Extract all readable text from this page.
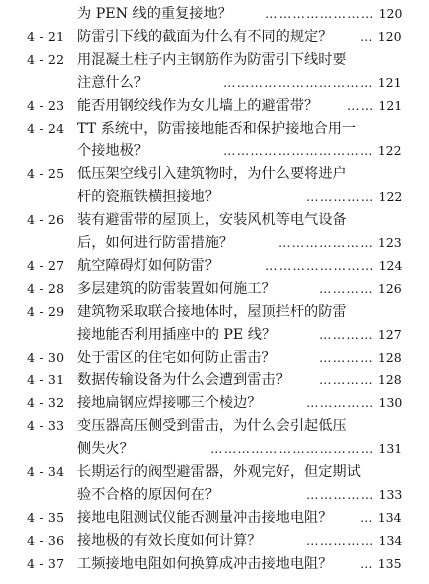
为 PEN 线的重复接地？	…………………… 120
4 - 21 防雷引下线的截面为什么有不同的规定？ … 120
4 - 22 用混凝土柱子内主钢筋作为防雷引下线时要
注意什么？	…………………………… 121
4 - 23 能否用钢绞线作为女儿墙上的避雷带？ …… 121
4 - 24 TT 系统中，防雷接地能否和保护接地合用一
个接地极？	…………………………… 122
4 - 25 低压架空线引入建筑物时，为什么要将进户
杆的瓷瓶铁横担接地？	…………… 122
4 - 26 装有避雷带的屋顶上，安装风机等电气设备
后，如何进行防雷措施？	………………… 123
4 - 27 航空障碍灯如何防雷？	…………………… 124
4 - 28 多层建筑的防雷装置如何施工？	………… 126
4 - 29 建筑物采取联合接地体时，屋顶拦杆的防雷
接地能否利用插座中的 PE 线？	………… 127
4 - 30 处于雷区的住宅如何防止雷击？	………… 128
4 - 31 数据传输设备为什么会遭到雷击？ ………… 128
4 - 32 接地扁钢应焊接哪三个棱边？	…………… 130
4 - 33 变压器高压侧受到雷击，为什么会引起低压
侧失火？	……………………………… 131
4 - 34 长期运行的阀型避雷器，外观完好，但定期试
验不合格的原因何在？	…………… 133
4 - 35 接地电阻测试仪能否测量冲击接地电阻？ … 134
4 - 36 接地极的有效长度如何计算？	…………… 134
4 - 37 工频接地电阻如何换算成冲击接地电阻？ … 135
